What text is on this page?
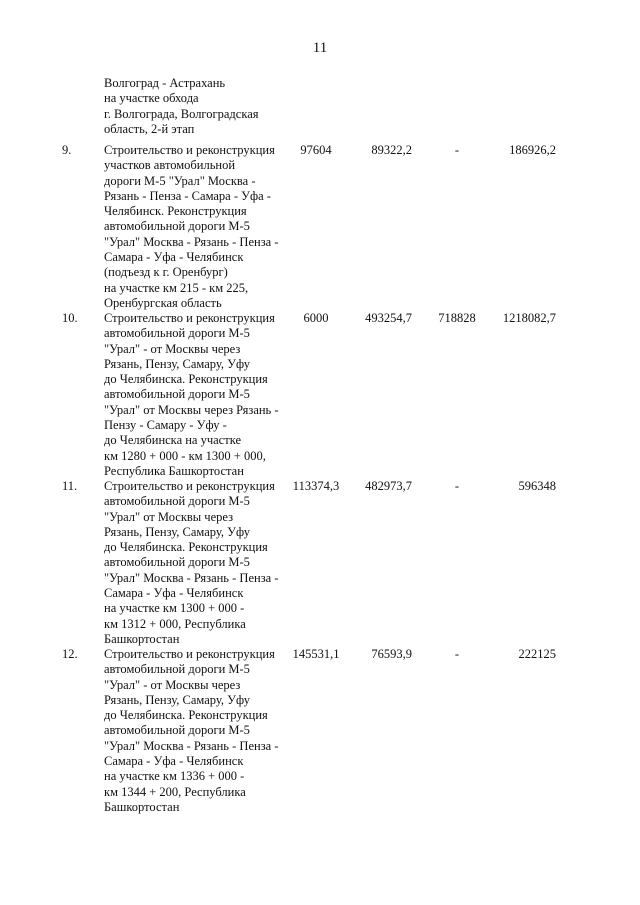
11
Волгоград - Астрахань
на участке обхода
г. Волгограда, Волгоградская
область, 2-й этап
9.	Строительство и реконструкция
участков автомобильной
дороги М-5 "Урал" Москва -
Рязань - Пенза - Самара - Уфа -
Челябинск. Реконструкция
автомобильной дороги М-5
"Урал" Москва - Рязань - Пенза -
Самара - Уфа - Челябинск
(подъезд к г. Оренбург)
на участке км 215 - км 225,
Оренбургская область
97604	89322,2	-	186926,2
10.	Строительство и реконструкция
автомобильной дороги М-5
"Урал" - от Москвы через
Рязань, Пензу, Самару, Уфу
до Челябинска. Реконструкция
автомобильной дороги М-5
"Урал" от Москвы через Рязань -
Пензу - Самару - Уфу -
до Челябинска на участке
км 1280 + 000 - км 1300 + 000,
Республика Башкортостан
6000	493254,7	718828	1218082,7
11.	Строительство и реконструкция
автомобильной дороги М-5
"Урал" от Москвы через
Рязань, Пензу, Самару, Уфу
до Челябинска. Реконструкция
автомобильной дороги М-5
"Урал" Москва - Рязань - Пенза -
Самара - Уфа - Челябинск
на участке км 1300 + 000 -
км 1312 + 000, Республика
Башкортостан
113374,3	482973,7	-	596348
12.	Строительство и реконструкция
автомобильной дороги М-5
"Урал" - от Москвы через
Рязань, Пензу, Самару, Уфу
до Челябинска. Реконструкция
автомобильной дороги М-5
"Урал" Москва - Рязань - Пенза -
Самара - Уфа - Челябинск
на участке км 1336 + 000 -
км 1344 + 200, Республика
Башкортостан
145531,1	76593,9	-	222125
